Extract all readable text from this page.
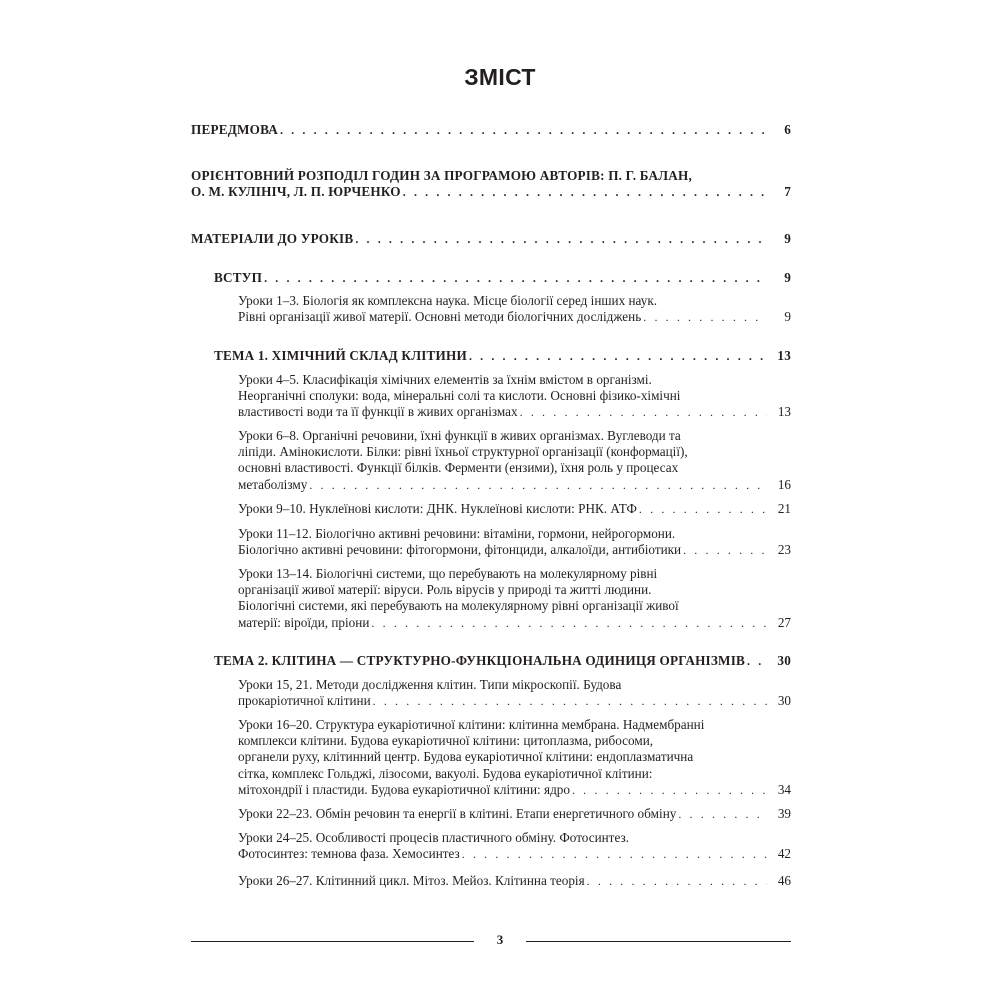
ЗМІСТ
ПЕРЕДМОВА . . .	6
ОРІЄНТОВНИЙ РОЗПОДІЛ ГОДИН ЗА ПРОГРАМОЮ АВТОРІВ: П. Г. БАЛАН,
О. М. КУЛІНІЧ, Л. П. ЮРЧЕНКО . . .	7
МАТЕРІАЛИ ДО УРОКІВ . . .	9
ВСТУП . . .	9
Уроки 1–3. Біологія як комплексна наука. Місце біології серед інших наук.
Рівні організації живої матерії. Основні методи біологічних досліджень . . .	9
ТЕМА 1. ХІМІЧНИЙ СКЛАД КЛІТИНИ . . .	13
Уроки 4–5. Класифікація хімічних елементів за їхнім вмістом в організмі.
Неорганічні сполуки: вода, мінеральні солі та кислоти. Основні фізико-хімічні
властивості води та її функції в живих організмах . . .	13
Уроки 6–8. Органічні речовини, їхні функції в живих організмах. Вуглеводи та
ліпіди. Амінокислоти. Білки: рівні їхньої структурної організації (конформації),
основні властивості. Функції білків. Ферменти (ензими), їхня роль у процесах
метаболізму . . .	16
Уроки 9–10. Нуклеїнові кислоти: ДНК. Нуклеїнові кислоти: РНК. АТФ . . .	21
Уроки 11–12. Біологічно активні речовини: вітаміни, гормони, нейрогормони.
Біологічно активні речовини: фітогормони, фітонциди, алкалоїди, антибіотики . . .	23
Уроки 13–14. Біологічні системи, що перебувають на молекулярному рівні
організації живої матерії: віруси. Роль вірусів у природі та житті людини.
Біологічні системи, які перебувають на молекулярному рівні організації живої
матерії: віроїди, пріони . . .	27
ТЕМА 2. КЛІТИНА — СТРУКТУРНО-ФУНКЦІОНАЛЬНА ОДИНИЦЯ ОРГАНІЗМІВ . . .	30
Уроки 15, 21. Методи дослідження клітин. Типи мікроскопії. Будова
прокаріотичної клітини . . .	30
Уроки 16–20. Структура еукаріотичної клітини: клітинна мембрана. Надмембранні
комплекси клітини. Будова еукаріотичної клітини: цитоплазма, рибосоми,
органели руху, клітинний центр. Будова еукаріотичної клітини: ендоплазматична
сітка, комплекс Гольджі, лізосоми, вакуолі. Будова еукаріотичної клітини:
мітохондрії і пластиди. Будова еукаріотичної клітини: ядро . . .	34
Уроки 22–23. Обмін речовин та енергії в клітині. Етапи енергетичного обміну . . .	39
Уроки 24–25. Особливості процесів пластичного обміну. Фотосинтез.
Фотосинтез: темнова фаза. Хемосинтез . . .	42
Уроки 26–27. Клітинний цикл. Мітоз. Мейоз. Клітинна теорія . . .	46
3
